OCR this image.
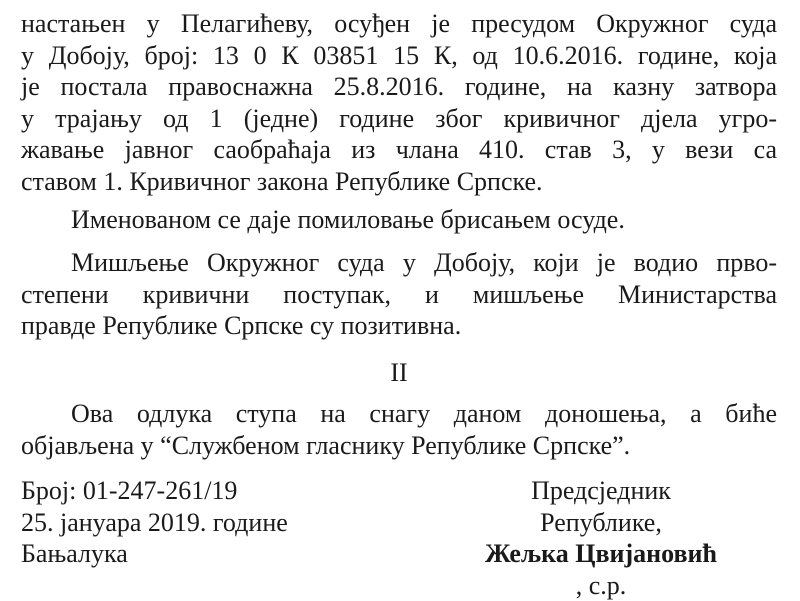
настањен у Пелагићеву, осуђен је пресудом Окружног суда
у Добоју, број: 13 0 К 03851 15 К, од 10.6.2016. године, која
је постала правоснажна 25.8.2016. године, на казну затвора
у трајању од 1 (једне) године због кривичног дјела угро-
жавање јавног саобраћаја из члана 410. став 3, у вези са
ставом 1. Кривичног закона Републике Српске.

Именованом се даје помиловање брисањем осуде.

Мишљење Окружног суда у Добоју, који је водио прво-
степени кривични поступак, и мишљење Министарства
правде Републике Српске су позитивна.

II

Ова одлука ступа на снагу даном доношења, а биће
објављена у “Службеном гласнику Републике Српске”.

Број: 01-247-261/19
25. јануара 2019. године
Бањалука
Предсједник
Републике,
Жељка Цвијановић
, с.р.
